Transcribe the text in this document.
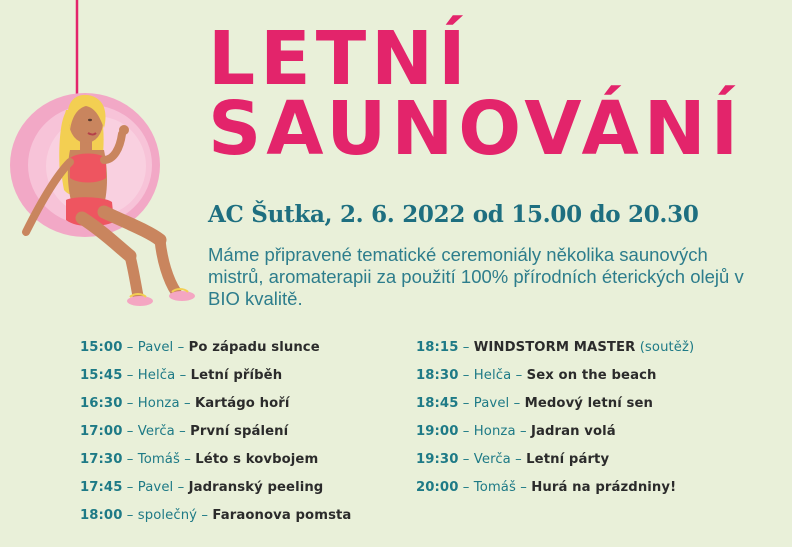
LETNÍ
SAUNOVÁNÍ
AC Šutka, 2. 6. 2022 od 15.00 do 20.30

Máme připravené tematické ceremoniály několika saunových mistrů, aromaterapii za použití 100% přírodních éterických olejů v BIO kvalitě.

15:00 – Pavel – Po západu slunce
15:45 – Helča – Letní příběh
16:30 – Honza – Kartágo hoří
17:00 – Verča – První spálení
17:30 – Tomáš – Léto s kovbojem
17:45 – Pavel – Jadranský peeling
18:00 – společný – Faraonova pomsta
18:15 – WINDSTORM MASTER (soutěž)
18:30 – Helča – Sex on the beach
18:45 – Pavel – Medový letní sen
19:00 – Honza – Jadran volá
19:30 – Verča – Letní párty
20:00 – Tomáš – Hurá na prázdniny!
